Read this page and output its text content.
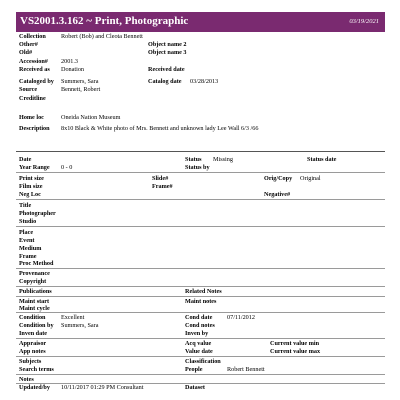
VS2001.3.162 ~ Print, Photographic	03/19/2021
Collection Robert (Bob) and Cleota Bennett
Other#	Object name 2
Old#	Object name 3
Accession# 2001.3
Received as Donation	Received date
Cataloged by Summers, Sara	Catalog date 03/28/2013
Source	Bennett, Robert
Creditline
Home loc	Oneida Nation Museum
Description 8x10 Black & White photo of Mrs. Bennett and unknown lady Lee Wall 6/3 /66
Date	Status Missing	Status date
Year Range 0 - 0	Status by
Print size	Slide#	Orig/Copy Original
Film size	Frame#
Neg Loc	Negative#
Title
Photographer
Studio
Place
Event
Medium
Frame
Proc Method
Provenance
Copyright
Publications	Related Notes
Maint start	Maint notes
Maint cycle
Condition	Excellent	Cond date 07/11/2012
Condition by Summers, Sara	Cond notes
Inven date	Inven by
Appraisor	Acq value	Current value min
App notes	Value date	Current value max
Subjects	Classification
Search terms	People	Robert Bennett
Notes
Updated/by 10/11/2017 01:29 PM Consultant	Dataset
